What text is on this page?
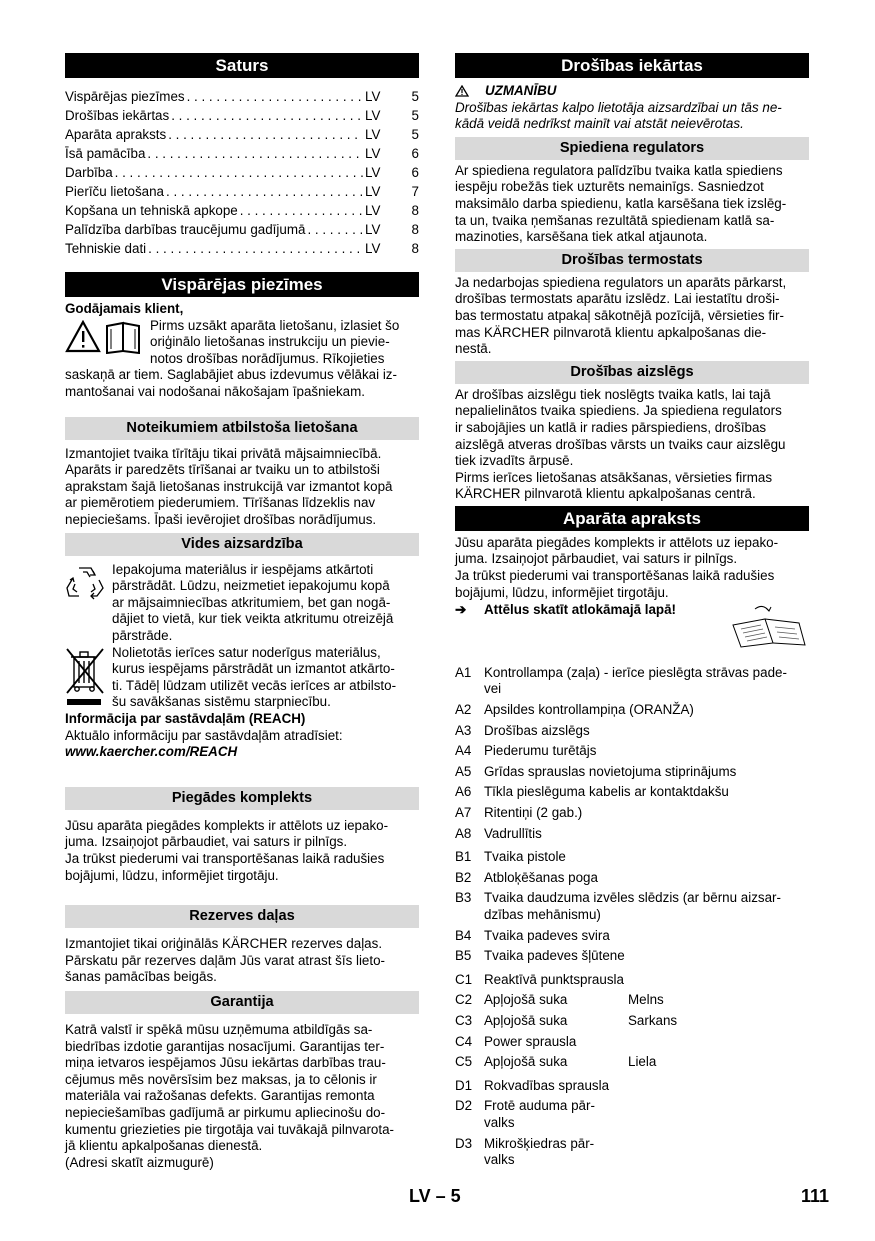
Saturs
Vispārējas piezīmes . . .	LV	5
Drošības iekārtas . . .	LV	5
Aparāta apraksts . . .	LV	5
Īsā pamācība . . .	LV	6
Darbība . . .	LV	6
Pierīču lietošana . . .	LV	7
Kopšana un tehniskā apkope . . .	LV	8
Palīdzība darbības traucējumu gadījumā . . .	LV	8
Tehniskie dati . . .	LV	8
Vispārējas piezīmes

Godājamais klient,

Pirms uzsākt aparāta lietošanu, izlasiet šo
oriģinālo lietošanas instrukciju un pievie-
notos drošības norādījumus. Rīkojieties
saskaņā ar tiem. Saglabājiet abus izdevumus vēlākai iz-
mantošanai vai nodošanai nākošajam īpašniekam.
Noteikumiem atbilstoša lietošana
Izmantojiet tvaika tīrītāju tikai privātā mājsaimniecībā.
Aparāts ir paredzēts tīrīšanai ar tvaiku un to atbilstoši
aprakstam šajā lietošanas instrukcijā var izmantot kopā
ar piemērotiem piederumiem. Tīrīšanas līdzeklis nav
nepieciešams. Īpaši ievērojiet drošības norādījumus.
Vides aizsardzība
Iepakojuma materiālus ir iespējams atkārtoti
pārstrādāt. Lūdzu, neizmetiet iepakojumu kopā
ar mājsaimniecības atkritumiem, bet gan nogā-
dājiet to vietā, kur tiek veikta atkritumu otreizējā
pārstrāde.
Nolietotās ierīces satur noderīgus materiālus,
kurus iespējams pārstrādāt un izmantot atkārto-
ti. Tādēļ lūdzam utilizēt vecās ierīces ar atbilsto-
šu savākšanas sistēmu starpniecību.

Informācija par sastāvdaļām (REACH)

Aktuālo informāciju par sastāvdaļām atradīsiet:

www.kaercher.com/REACH

Piegādes komplekts
Jūsu aparāta piegādes komplekts ir attēlots uz iepako-
juma. Izsaiņojot pārbaudiet, vai saturs ir pilnīgs.
Ja trūkst piederumi vai transportēšanas laikā radušies
bojājumi, lūdzu, informējiet tirgotāju.
Rezerves daļas
Izmantojiet tikai oriģinālās KÄRCHER rezerves daļas.
Pārskatu pār rezerves daļām Jūs varat atrast šīs lieto-
šanas pamācības beigās.
Garantija
Katrā valstī ir spēkā mūsu uzņēmuma atbildīgās sa-
biedrības izdotie garantijas nosacījumi. Garantijas ter-
miņa ietvaros iespējamos Jūsu iekārtas darbības trau-
cējumus mēs novērsīsim bez maksas, ja to cēlonis ir
materiāla vai ražošanas defekts. Garantijas remonta
nepieciešamības gadījumā ar pirkumu apliecinošu do-
kumentu griezieties pie tirgotāja vai tuvākajā pilnvarota-
jā klientu apkalpošanas dienestā.
(Adresi skatīt aizmugurē)
Drošības iekārtas
UZMANĪBU
Drošības iekārtas kalpo lietotāja aizsardzībai un tās ne-
kādā veidā nedrīkst mainīt vai atstāt neievērotas.
Spiediena regulators
Ar spiediena regulatora palīdzību tvaika katla spiediens
iespēju robežās tiek uzturēts nemainīgs. Sasniedzot
maksimālo darba spiedienu, katla karsēšana tiek izslēg-
ta un, tvaika ņemšanas rezultātā spiedienam katlā sa-
mazinoties, karsēšana tiek atkal atjaunota.
Drošības termostats
Ja nedarbojas spiediena regulators un aparāts pārkarst,
drošības termostats aparātu izslēdz. Lai iestatītu droši-
bas termostatu atpakaļ sākotnējā pozīcijā, vērsieties fir-
mas KÄRCHER pilnvarotā klientu apkalpošanas die-
nestā.
Drošības aizslēgs
Ar drošības aizslēgu tiek noslēgts tvaika katls, lai tajā
nepalielinātos tvaika spiediens. Ja spiediena regulators
ir sabojājies un katlā ir radies pārspiediens, drošības
aizslēgā atveras drošības vārsts un tvaiks caur aizslēgu
tiek izvadīts ārpusē.
Pirms ierīces lietošanas atsākšanas, vērsieties firmas
KÄRCHER pilnvarotā klientu apkalpošanas centrā.
Aparāta apraksts
Jūsu aparāta piegādes komplekts ir attēlots uz iepako-
juma. Izsaiņojot pārbaudiet, vai saturs ir pilnīgs.
Ja trūkst piederumi vai transportēšanas laikā radušies
bojājumi, lūdzu, informējiet tirgotāju.
➔	Attēlus skatīt atlokāmajā lapā!
A1 Kontrollampa (zaļa) - ierīce pieslēgta strāvas pade-
vei
A2 Apsildes kontrollampiņa (ORANŽA)
A3 Drošības aizslēgs
A4 Piederumu turētājs
A5 Grīdas sprauslas novietojuma stiprinājums
A6 Tīkla pieslēguma kabelis ar kontaktdakšu
A7 Ritentiņi (2 gab.)
A8 Vadrullītis
B1 Tvaika pistole
B2 Atbloķēšanas poga
B3 Tvaika daudzuma izvēles slēdzis (ar bērnu aizsar-
dzības mehānismu)
B4 Tvaika padeves svira
B5 Tvaika padeves šļūtene
C1 Reaktīvā punktsprausla
C2 Apļojošā suka	Melns
C3 Apļojošā suka	Sarkans
C4 Power sprausla
C5 Apļojošā suka	Liela
D1 Rokvadības sprausla
D2 Frotē auduma pār-
valks
D3 Mikrošķiedras pār-
valks
LV – 5	111
